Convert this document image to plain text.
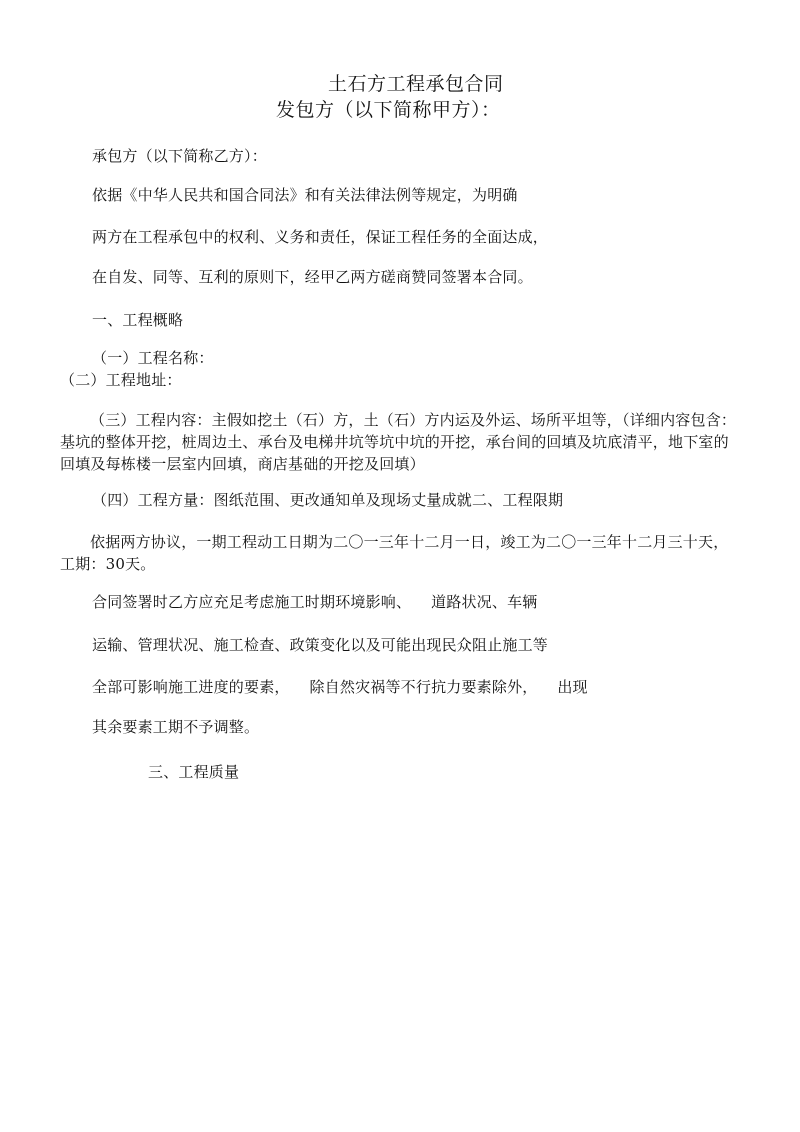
土石方工程承包合同
发包方（以下简称甲方）：
承包方（以下简称乙方）：
依据《中华人民共和国合同法》和有关法律法例等规定，为明确
两方在工程承包中的权利、义务和责任，保证工程任务的全面达成，
在自发、同等、互利的原则下，经甲乙两方磋商赞同签署本合同。
一、工程概略
（一）工程名称：
（二）工程地址：
（三）工程内容：主假如挖土（石）方，土（石）方内运及外运、场所平坦等，（详细内容包含：基坑的整体开挖，桩周边土、承台及电梯井坑等坑中坑的开挖，承台间的回填及坑底清平，地下室的回填及每栋楼一层室内回填，商店基础的开挖及回填）
（四）工程方量：图纸范围、更改通知单及现场丈量成就二、工程限期
依据两方协议，一期工程动工日期为二〇一三年十二月一日，竣工为二〇一三年十二月三十天，工期：30天。
合同签署时乙方应充足考虑施工时期环境影响、    道路状况、车辆
运输、管理状况、施工检查、政策变化以及可能出现民众阻止施工等
全部可影响施工进度的要素，    除自然灾祸等不行抗力要素除外，    出现
其余要素工期不予调整。
三、工程质量
